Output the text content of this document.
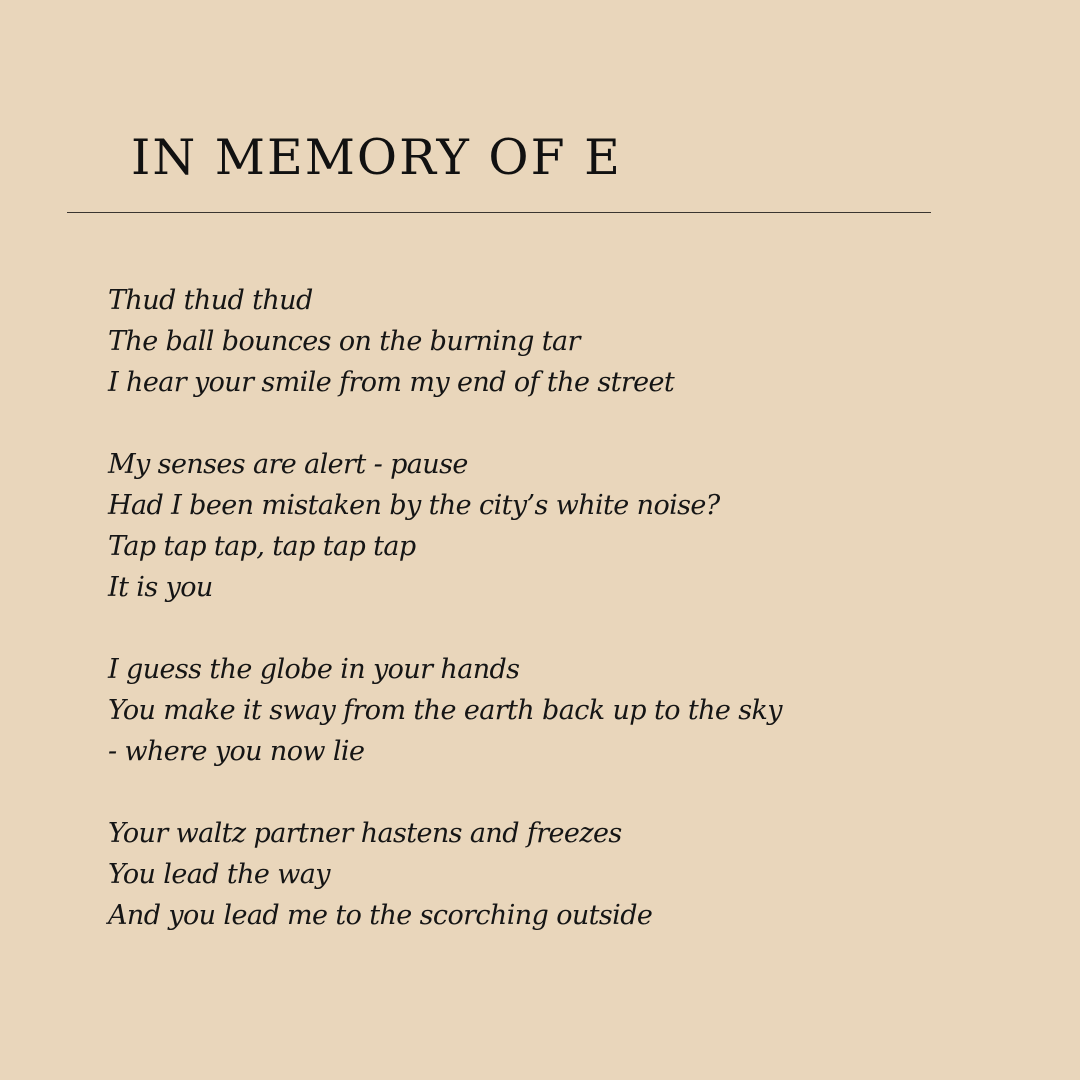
IN MEMORY OF E
Thud thud thud
The ball bounces on the burning tar
I hear your smile from my end of the street
My senses are alert - pause
Had I been mistaken by the city’s white noise?
Tap tap tap, tap tap tap
It is you
I guess the globe in your hands
You make it sway from the earth back up to the sky
- where you now lie
Your waltz partner hastens and freezes
You lead the way
And you lead me to the scorching outside
